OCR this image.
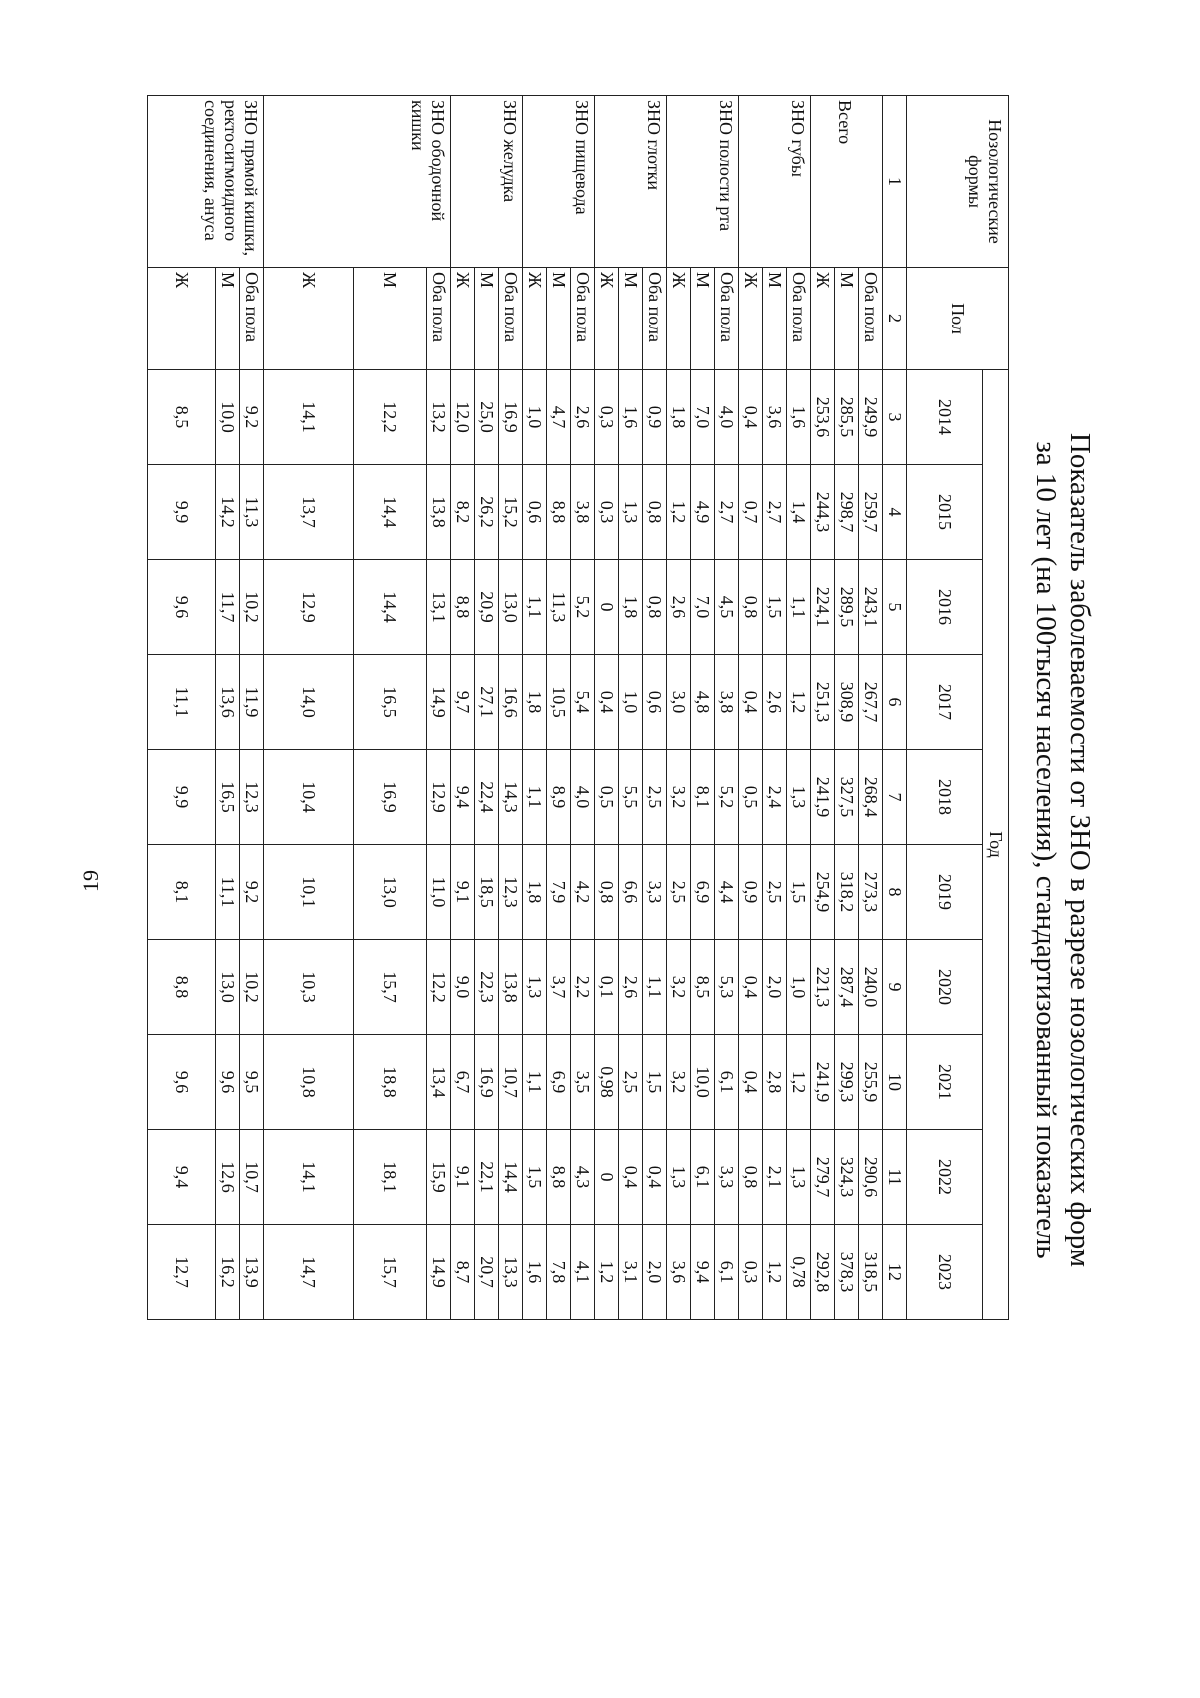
19	Показатель заболеваемости от ЗНО в разрезе нозологических форм
за 10 лет (на 100тысяч населения), стандартизованный показатель
Нозологические формы	Пол	Год									
		2014	2015	2016	2017	2018	2019	2020	2021	2022	2023
1	2	3	4	5	6	7	8	9	10	11	12
Всего	Оба пола	249,9	259,7	243,1	267,7	268,4	273,3	240,0	255,9	290,6	318,5
	М	285,5	298,7	289,5	308,9	327,5	318,2	287,4	299,3	324,3	378,3
	Ж	253,6	244,3	224,1	251,3	241,9	254,9	221,3	241,9	279,7	292,8
ЗНО губы	Оба пола	1,6	1,4	1,1	1,2	1,3	1,5	1,0	1,2	1,3	0,78
	М	3,6	2,7	1,5	2,6	2,4	2,5	2,0	2,8	2,1	1,2
	Ж	0,4	0,7	0,8	0,4	0,5	0,9	0,4	0,4	0,8	0,3
ЗНО полости рта	Оба пола	4,0	2,7	4,5	3,8	5,2	4,4	5,3	6,1	3,3	6,1
	М	7,0	4,9	7,0	4,8	8,1	6,9	8,5	10,0	6,1	9,4
	Ж	1,8	1,2	2,6	3,0	3,2	2,5	3,2	3,2	1,3	3,6
ЗНО глотки	Оба пола	0,9	0,8	0,8	0,6	2,5	3,3	1,1	1,5	0,4	2,0
	М	1,6	1,3	1,8	1,0	5,5	6,6	2,6	2,5	0,4	3,1
	Ж	0,3	0,3	0	0,4	0,5	0,8	0,1	0,98	0	1,2
ЗНО пищевода	Оба пола	2,6	3,8	5,2	5,4	4,0	4,2	2,2	3,5	4,3	4,1
	М	4,7	8,8	11,3	10,5	8,9	7,9	3,7	6,9	8,8	7,8
	Ж	1,0	0,6	1,1	1,8	1,1	1,8	1,3	1,1	1,5	1,6
ЗНО желудка	Оба пола	16,9	15,2	13,0	16,6	14,3	12,3	13,8	10,7	14,4	13,3
	М	25,0	26,2	20,9	27,1	22,4	18,5	22,3	16,9	22,1	20,7
	Ж	12,0	8,2	8,8	9,7	9,4	9,1	9,0	6,7	9,1	8,7
ЗНО ободочной кишки	Оба пола	13,2	13,8	13,1	14,9	12,9	11,0	12,2	13,4	15,9	14,9
	М	12,2	14,4	14,4	16,5	16,9	13,0	15,7	18,8	18,1	15,7
	Ж	14,1	13,7	12,9	14,0	10,4	10,1	10,3	10,8	14,1	14,7
ЗНО прямой кишки, ректосигмоидного соединения, ануса	Оба пола	9,2	11,3	10,2	11,9	12,3	9,2	10,2	9,5	10,7	13,9
	М	10,0	14,2	11,7	13,6	16,5	11,1	13,0	9,6	12,6	16,2
	Ж	8,5	9,9	9,6	11,1	9,9	8,1	8,8	9,6	9,4	12,7
